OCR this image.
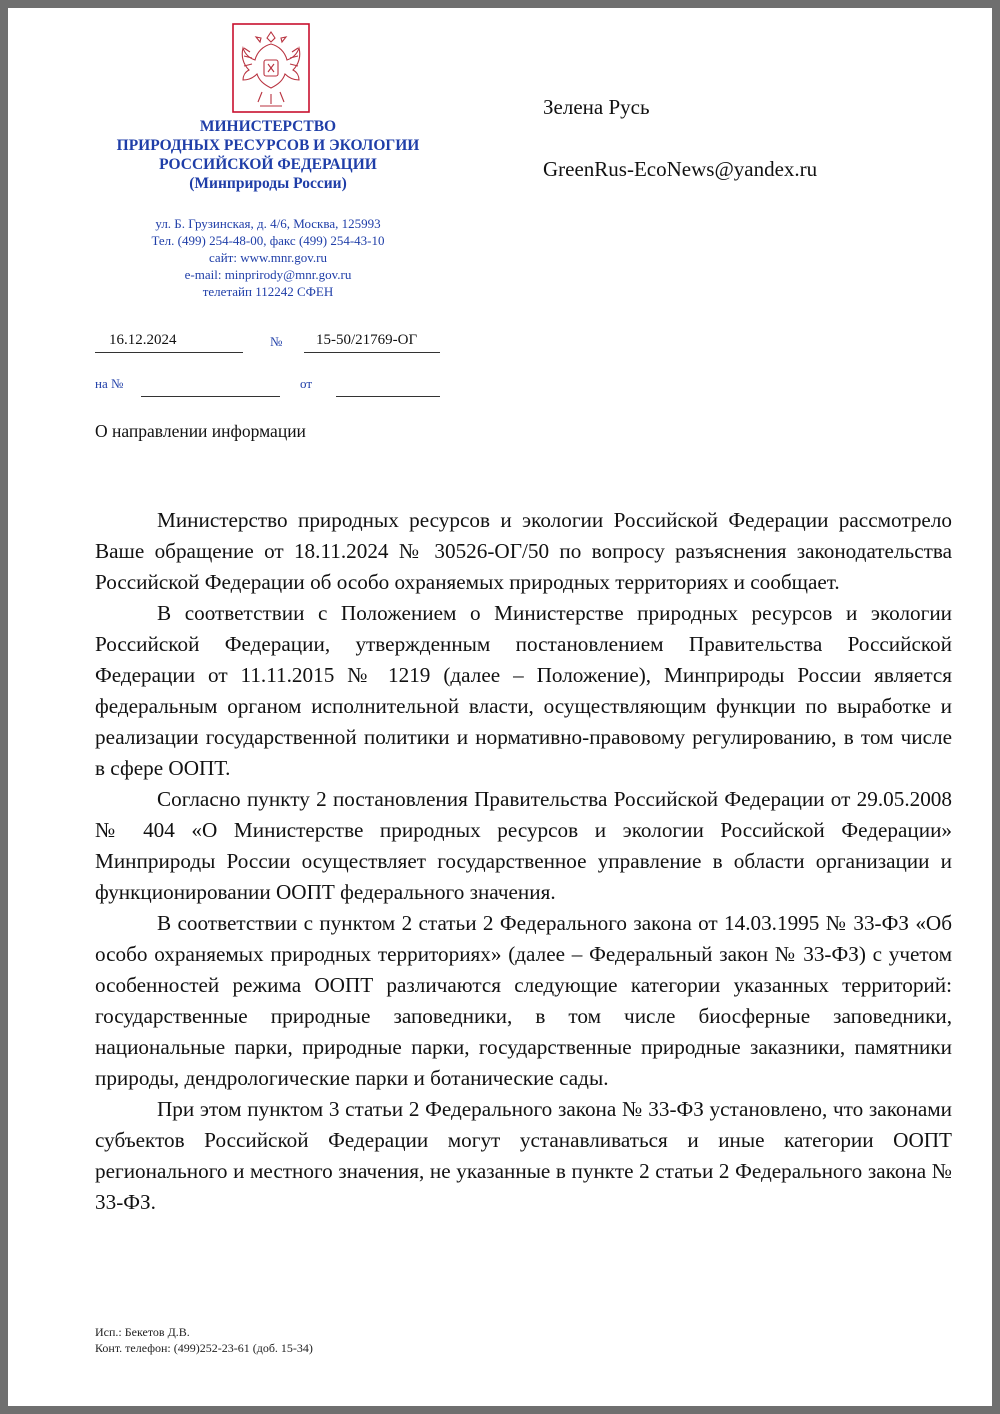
МИНИСТЕРСТВО
ПРИРОДНЫХ РЕСУРСОВ И ЭКОЛОГИИ
РОССИЙСКОЙ ФЕДЕРАЦИИ
(Минприроды России)
ул. Б. Грузинская, д. 4/6, Москва, 125993
Тел. (499) 254-48-00, факс (499) 254-43-10
сайт: www.mnr.gov.ru
e-mail: minprirody@mnr.gov.ru
телетайп 112242 СФЕН
Зелена Русь
GreenRus-EcoNews@yandex.ru
16.12.2024	№	15-50/21769-ОГ
на №	от
О направлении информации

Министерство природных ресурсов и экологии Российской Федерации рассмотрело Ваше обращение от 18.11.2024 № 30526-ОГ/50 по вопросу разъяснения законодательства Российской Федерации об особо охраняемых природных территориях и сообщает.

В соответствии с Положением о Министерстве природных ресурсов и экологии Российской Федерации, утвержденным постановлением Правительства Российской Федерации от 11.11.2015 № 1219 (далее – Положение), Минприроды России является федеральным органом исполнительной власти, осуществляющим функции по выработке и реализации государственной политики и нормативно-правовому регулированию, в том числе в сфере ООПТ.

Согласно пункту 2 постановления Правительства Российской Федерации от 29.05.2008 № 404 «О Министерстве природных ресурсов и экологии Российской Федерации» Минприроды России осуществляет государственное управление в области организации и функционировании ООПТ федерального значения.

В соответствии с пунктом 2 статьи 2 Федерального закона от 14.03.1995 № 33-ФЗ «Об особо охраняемых природных территориях» (далее – Федеральный закон № 33-ФЗ) с учетом особенностей режима ООПТ различаются следующие категории указанных территорий: государственные природные заповедники, в том числе биосферные заповедники, национальные парки, природные парки, государственные природные заказники, памятники природы, дендрологические парки и ботанические сады.

При этом пунктом 3 статьи 2 Федерального закона № 33-ФЗ установлено, что законами субъектов Российской Федерации могут устанавливаться и иные категории ООПТ регионального и местного значения, не указанные в пункте 2 статьи 2 Федерального закона № 33-ФЗ.

Исп.: Бекетов Д.В.
Конт. телефон: (499)252-23-61 (доб. 15-34)
